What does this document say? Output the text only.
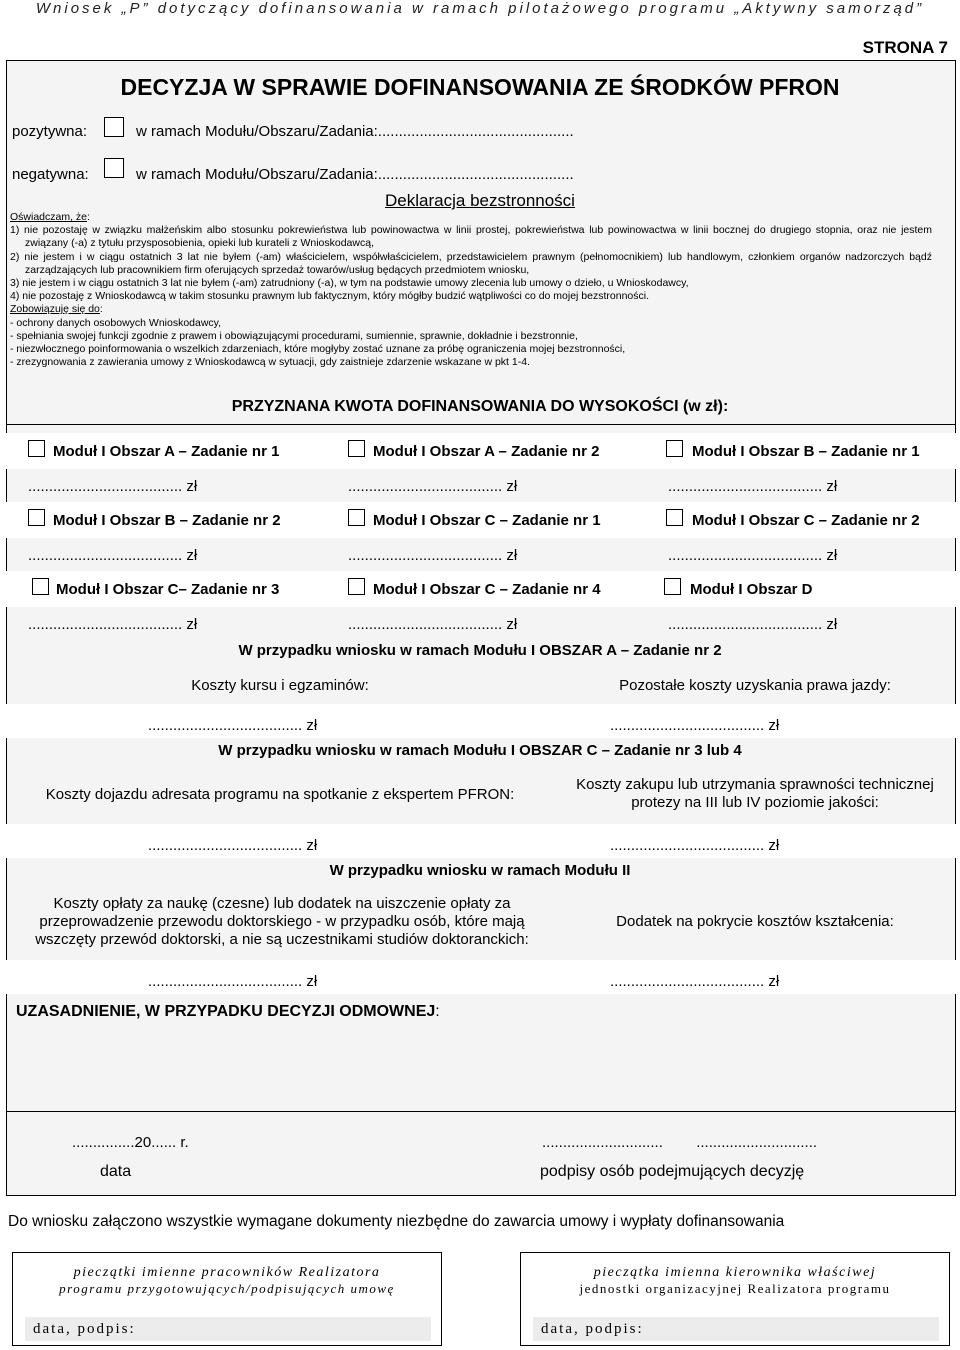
Wniosek „P” dotyczący dofinansowania w ramach pilotażowego programu „Aktywny samorząd”
STRONA 7
DECYZJA W SPRAWIE DOFINANSOWANIA ZE ŚRODKÓW PFRON
pozytywna:	w ramach Modułu/Obszaru/Zadania:...............................................
negatywna:	w ramach Modułu/Obszaru/Zadania:...............................................
Deklaracja bezstronności

Oświadczam, że:

1) nie pozostaję w związku małżeńskim albo stosunku pokrewieństwa lub powinowactwa w linii prostej, pokrewieństwa lub powinowactwa w linii bocznej do drugiego stopnia, oraz nie jestem związany (-a) z tytułu przysposobienia, opieki lub kurateli z Wnioskodawcą,

2) nie jestem i w ciągu ostatnich 3 lat nie byłem (-am) właścicielem, współwłaścicielem, przedstawicielem prawnym (pełnomocnikiem) lub handlowym, członkiem organów nadzorczych bądź zarządzających lub pracownikiem firm oferujących sprzedaż towarów/usług będących przedmiotem wniosku,

3) nie jestem i w ciągu ostatnich 3 lat nie byłem (-am) zatrudniony (-a), w tym na podstawie umowy zlecenia lub umowy o dzieło, u Wnioskodawcy,

4) nie pozostaję z Wnioskodawcą w takim stosunku prawnym lub faktycznym, który mógłby budzić wątpliwości co do mojej bezstronności.

Zobowiązuję się do:

- ochrony danych osobowych Wnioskodawcy,

- spełniania swojej funkcji zgodnie z prawem i obowiązującymi procedurami, sumiennie, sprawnie, dokładnie i bezstronnie,

- niezwłocznego poinformowania o wszelkich zdarzeniach, które mogłyby zostać uznane za próbę ograniczenia mojej bezstronności,

- zrezygnowania z zawierania umowy z Wnioskodawcą w sytuacji, gdy zaistnieje zdarzenie wskazane w pkt 1-4.

PRZYZNANA KWOTA DOFINANSOWANIA DO WYSOKOŚCI (w zł):
Moduł I Obszar A – Zadanie nr 1	Moduł I Obszar A – Zadanie nr 2	Moduł I Obszar B – Zadanie nr 1
..................................... zł	..................................... zł	..................................... zł
Moduł I Obszar B – Zadanie nr 2	Moduł I Obszar C – Zadanie nr 1	Moduł I Obszar C – Zadanie nr 2
..................................... zł	..................................... zł	..................................... zł
Moduł I Obszar C– Zadanie nr 3	Moduł I Obszar C – Zadanie nr 4	Moduł I Obszar D
..................................... zł	..................................... zł	..................................... zł
W przypadku wniosku w ramach Modułu I OBSZAR A – Zadanie nr 2
Koszty kursu i egzaminów:	Pozostałe koszty uzyskania prawa jazdy:
..................................... zł	..................................... zł
W przypadku wniosku w ramach Modułu I OBSZAR C – Zadanie nr 3 lub 4
Koszty dojazdu adresata programu na spotkanie z ekspertem PFRON:
Koszty zakupu lub utrzymania sprawności technicznej protezy na III lub IV poziomie jakości:
..................................... zł	..................................... zł
W przypadku wniosku w ramach Modułu II
Koszty opłaty za naukę (czesne) lub dodatek na uiszczenie opłaty za przeprowadzenie przewodu doktorskiego - w przypadku osób, które mają wszczęty przewód doktorski, a nie są uczestnikami studiów doktoranckich:
Dodatek na pokrycie kosztów kształcenia:
..................................... zł	..................................... zł
UZASADNIENIE, W PRZYPADKU DECYZJI ODMOWNEJ:
...............20...... r.
data
.............................        .............................
podpisy osób podejmujących decyzję
Do wniosku załączono wszystkie wymagane dokumenty niezbędne do zawarcia umowy i wypłaty dofinansowania
pieczątki imienne pracowników Realizatora
programu przygotowujących/podpisujących umowę
data, podpis:
pieczątka imienna kierownika właściwej
jednostki organizacyjnej Realizatora programu
data, podpis:
